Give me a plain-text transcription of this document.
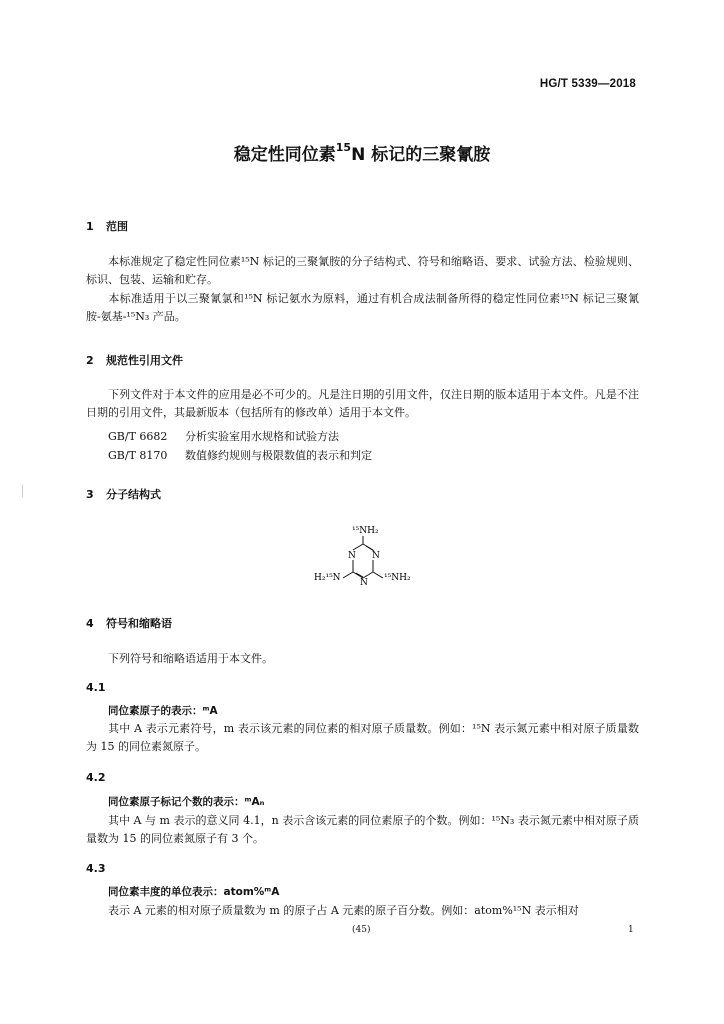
HG/T 5339—2018
稳定性同位素$^{15}$N 标记的三聚氰胺
1 范围
本标准规定了稳定性同位素¹⁵N 标记的三聚氰胺的分子结构式、符号和缩略语、要求、试验方法、检验规则、标识、包装、运输和贮存。
本标准适用于以三聚氰氯和¹⁵N 标记氨水为原料，通过有机合成法制备所得的稳定性同位素¹⁵N 标记三聚氰胺-氨基-¹⁵N₃ 产品。
2 规范性引用文件
下列文件对于本文件的应用是必不可少的。凡是注日期的引用文件，仅注日期的版本适用于本文件。凡是不注日期的引用文件，其最新版本（包括所有的修改单）适用于本文件。
GB/T 6682 分析实验室用水规格和试验方法
GB/T 8170 数值修约规则与极限数值的表示和判定
3 分子结构式
¹⁵NH₂
N N
N
H₂¹⁵N	¹⁵NH₂
4 符号和缩略语
下列符号和缩略语适用于本文件。
4.1
同位素原子的表示：ᵐA
其中 A 表示元素符号，m 表示该元素的同位素的相对原子质量数。例如：¹⁵N 表示氮元素中相对原子质量数为 15 的同位素氮原子。
4.2
同位素原子标记个数的表示：ᵐAₙ
其中 A 与 m 表示的意义同 4.1，n 表示含该元素的同位素原子的个数。例如：¹⁵N₃ 表示氮元素中相对原子质量数为 15 的同位素氮原子有 3 个。
4.3
同位素丰度的单位表示：atom%ᵐA
表示 A 元素的相对原子质量数为 m 的原子占 A 元素的原子百分数。例如：atom%¹⁵N 表示相对
(45)	1
